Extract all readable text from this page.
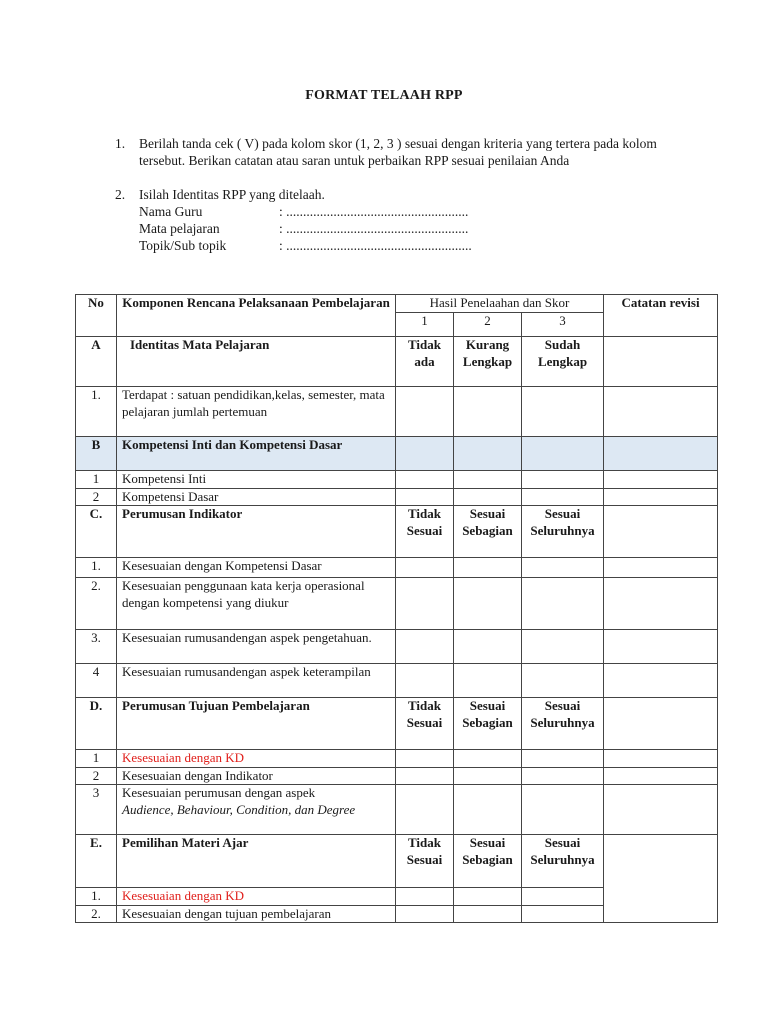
FORMAT TELAAH RPP
1.	Berilah tanda cek ( V) pada kolom skor (1, 2, 3 ) sesuai dengan kriteria yang tertera pada kolom tersebut. Berikan catatan atau saran untuk perbaikan RPP sesuai penilaian Anda
2.	Isilah Identitas RPP yang ditelaah.
Nama Guru	: ......................................................
Mata pelajaran	: ......................................................
Topik/Sub topik	: .......................................................
No	Komponen Rencana Pelaksanaan Pembelajaran	Hasil Penelaahan dan Skor			Catatan revisi
		1	2	3	
A	Identitas Mata Pelajaran	Tidak ada	Kurang Lengkap	Sudah Lengkap	
1.	Terdapat : satuan pendidikan,kelas, semester, mata pelajaran jumlah pertemuan				
B	Kompetensi Inti dan Kompetensi Dasar				
1	Kompetensi Inti				
2	Kompetensi Dasar				
C.	Perumusan Indikator	Tidak Sesuai	Sesuai Sebagian	Sesuai Seluruhnya	
1.	Kesesuaian dengan Kompetensi Dasar				
2.	Kesesuaian penggunaan kata kerja operasional dengan kompetensi yang diukur				
3.	Kesesuaian rumusandengan aspek pengetahuan.				
4	Kesesuaian rumusandengan aspek keterampilan				
D.	Perumusan Tujuan Pembelajaran	Tidak Sesuai	Sesuai Sebagian	Sesuai Seluruhnya	
1	Kesesuaian dengan KD				
2	Kesesuaian dengan Indikator				
3	Kesesuaian perumusan dengan aspek
Audience, Behaviour, Condition, dan Degree				
E.	Pemilihan Materi Ajar	Tidak Sesuai	Sesuai Sebagian	Sesuai Seluruhnya	
1.	Kesesuaian dengan KD				
2.	Kesesuaian dengan tujuan pembelajaran				
